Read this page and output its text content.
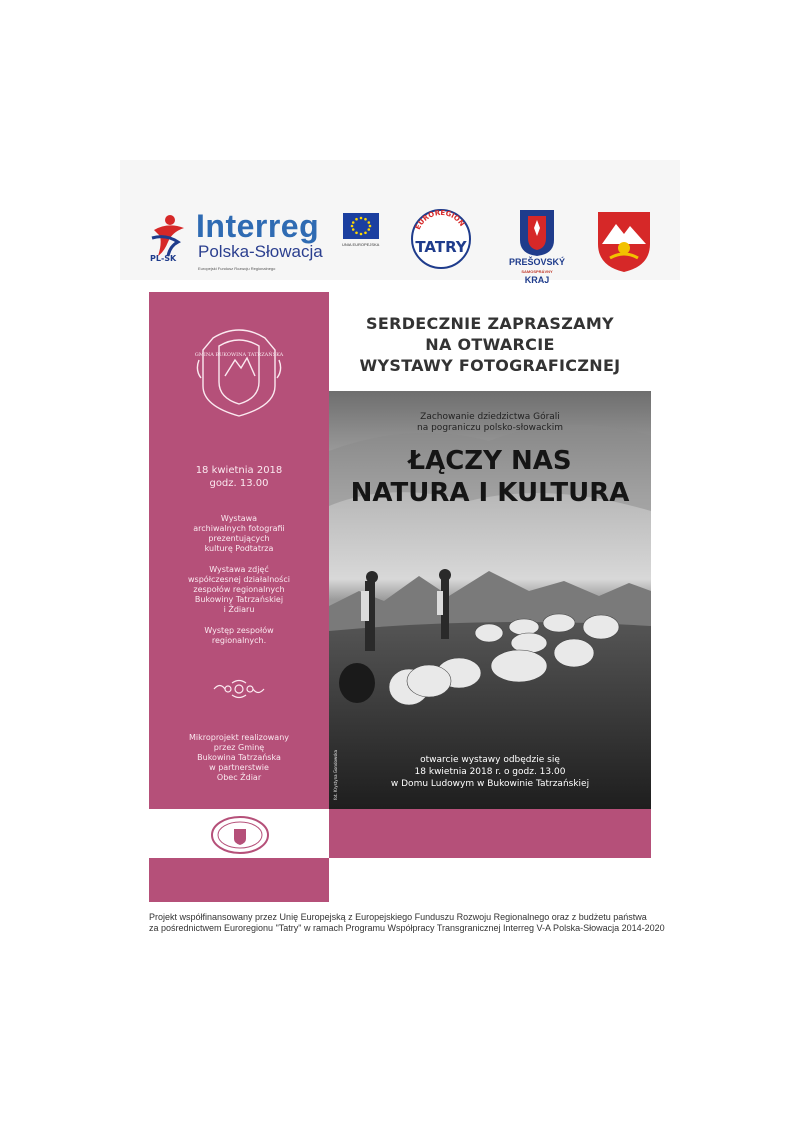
PL-SK
Interreg
Polska-Słowacja
Europejski Fundusz Rozwoju Regionalnego
UNIA EUROPEJSKA
EUROREGION
TATRY
PREŠOVSKÝ
SAMOSPRÁVNY
KRAJ
GMINA BUKOWINA TATRZAŃSKA
18 kwietnia 2018
godz. 13.00
Wystawa
archiwalnych fotografii
prezentujących
kulturę Podtatrza
Wystawa zdjęć
współczesnej działalności
zespołów regionalnych
Bukowiny Tatrzańskiej
i Ždiaru
Występ zespołów
regionalnych.
Mikroprojekt realizowany
przez Gminę
Bukowina Tatrzańska
w partnerstwie
Obec Ždiar
SERDECZNIE ZAPRASZAMY
NA OTWARCIE
WYSTAWY FOTOGRAFICZNEJ
Zachowanie dziedzictwa Górali
na pograniczu polsko-słowackim
ŁĄCZY NAS
NATURA I KULTURA
otwarcie wystawy odbędzie się
18 kwietnia 2018 r. o godz. 13.00
w Domu Ludowym w Bukowinie Tatrzańskiej
fot. Krystyna Gondowska
Projekt współfinansowany przez Unię Europejską z Europejskiego Funduszu Rozwoju Regionalnego oraz z budżetu państwa
za pośrednictwem Euroregionu "Tatry" w ramach Programu Współpracy Transgranicznej Interreg V-A Polska-Słowacja 2014-2020
